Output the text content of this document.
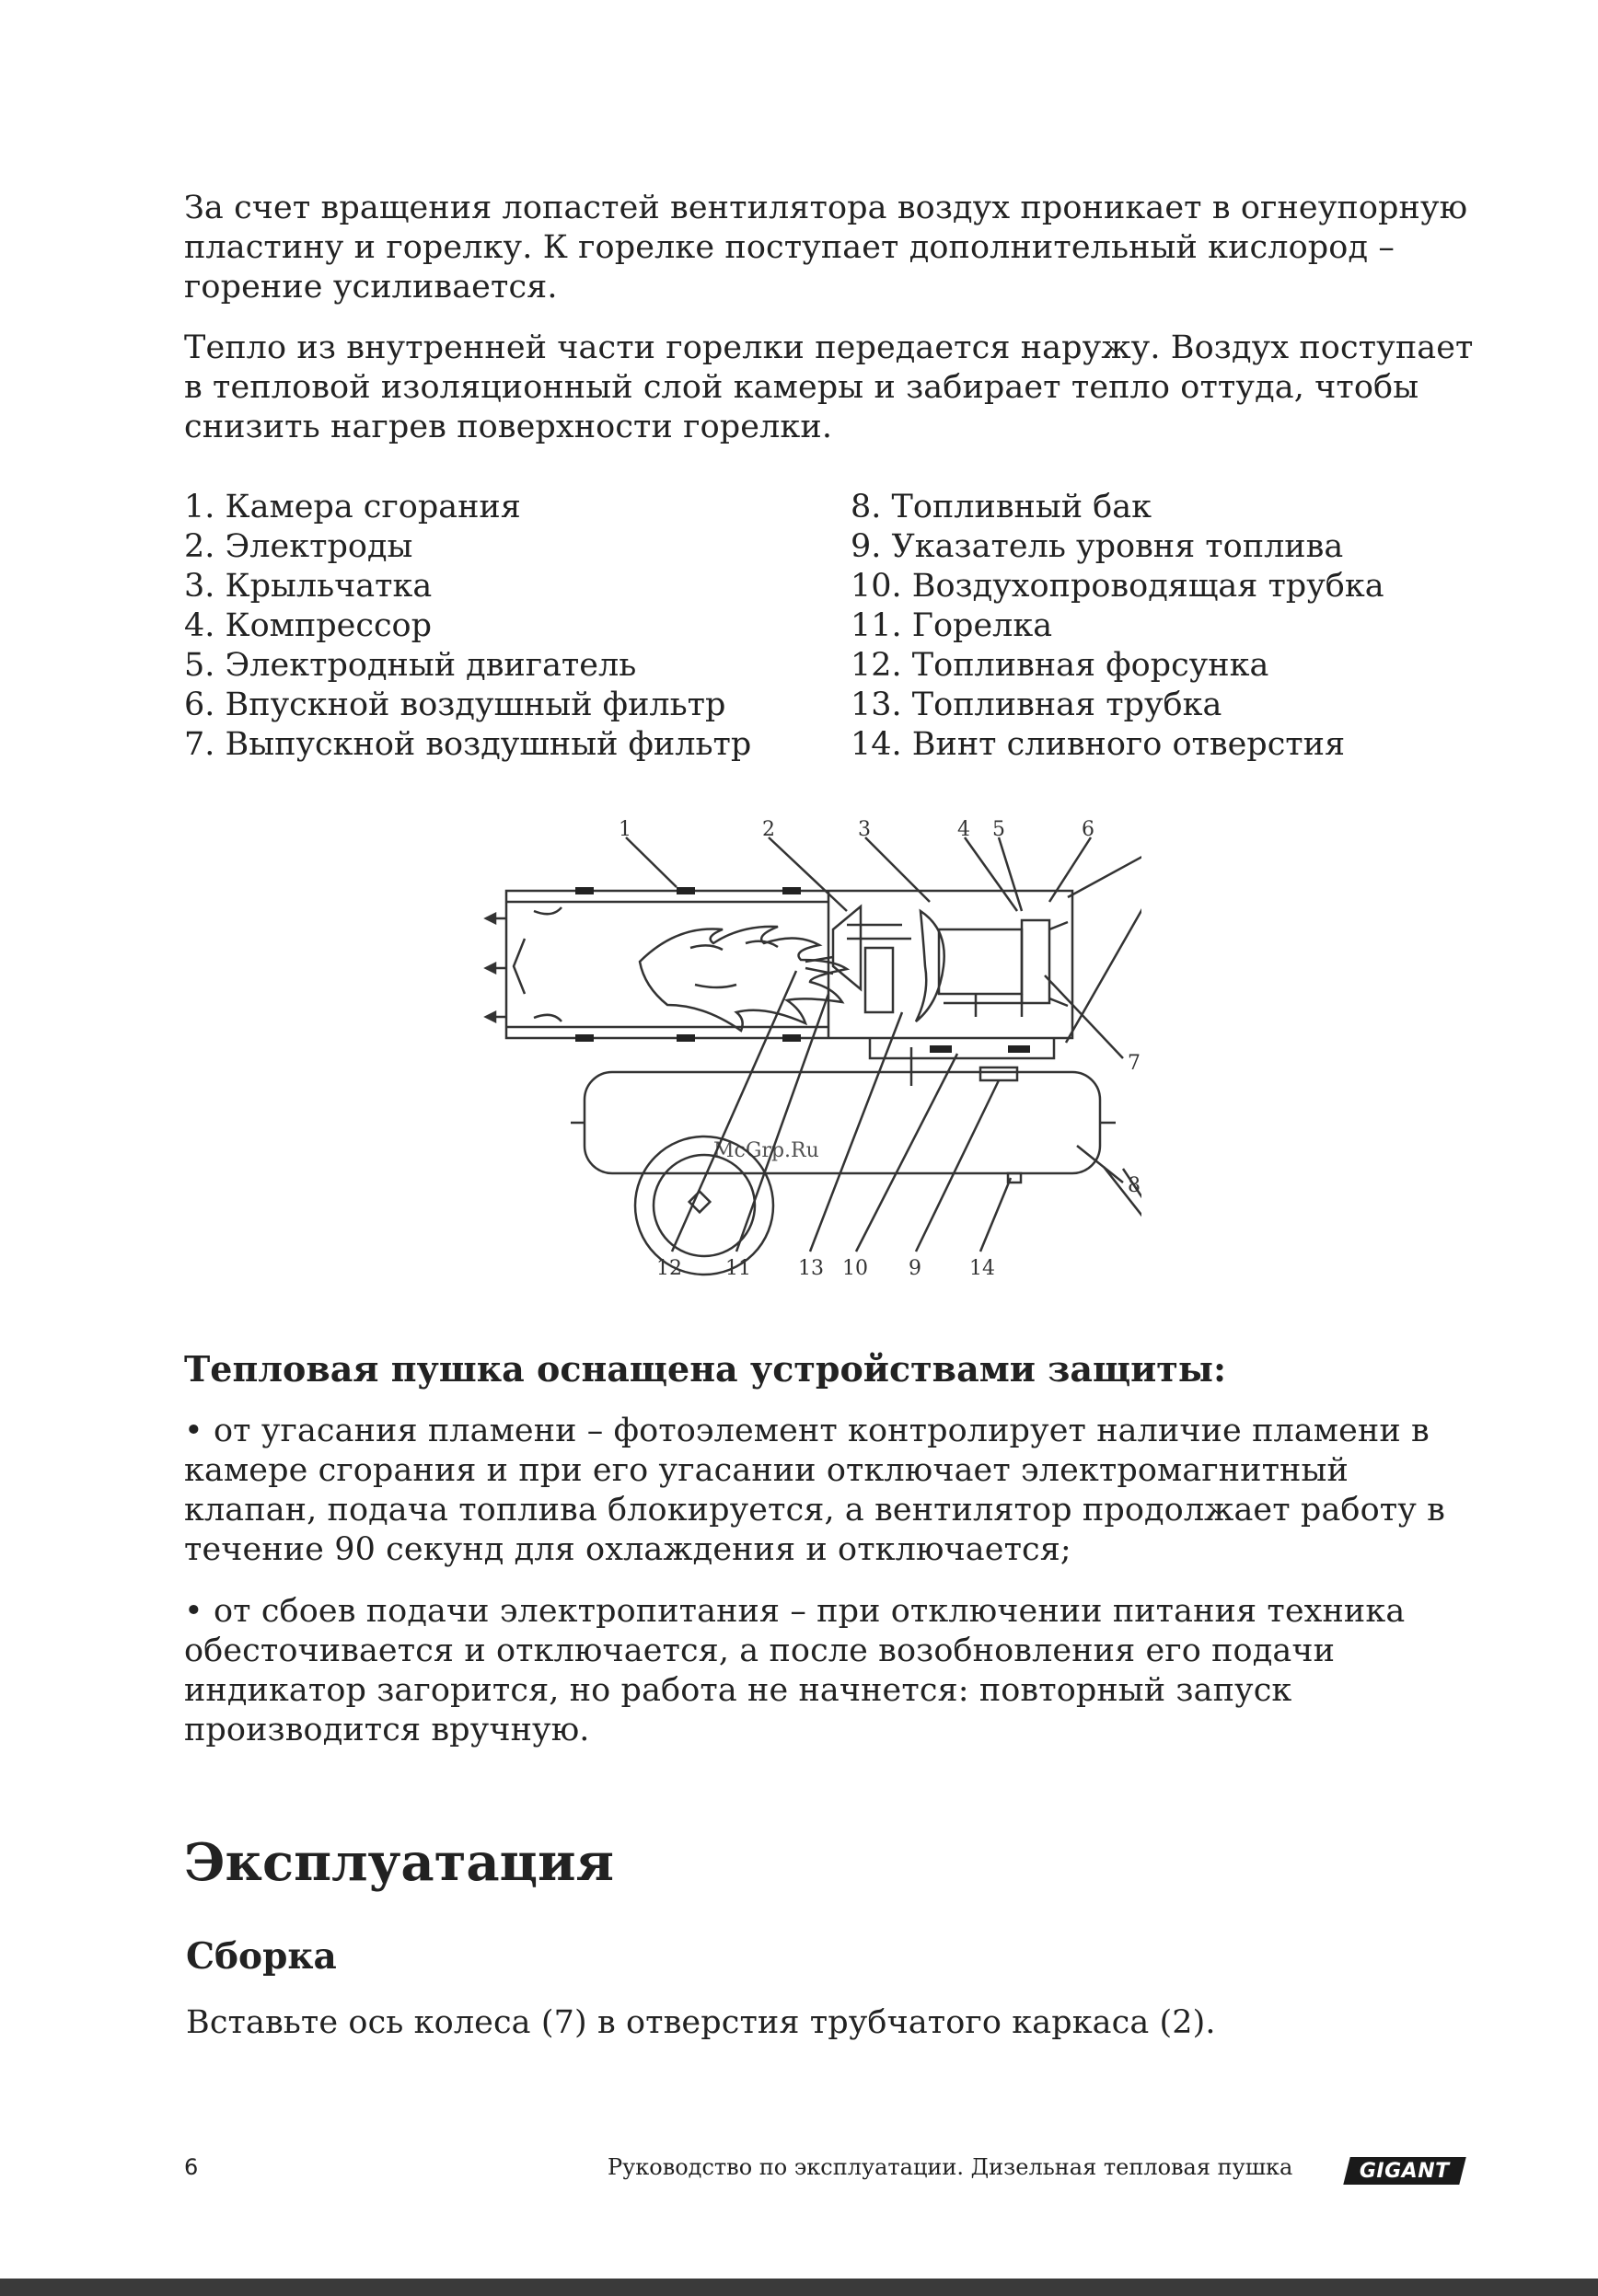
За счет вращения лопастей вентилятора воздух проникает в огнеупорную пластину и горелку. К горелке поступает дополнительный кислород – горение усиливается.

Тепло из внутренней части горелки передается наружу. Воздух поступает в тепловой изоляционный слой камеры и забирает тепло оттуда, чтобы снизить нагрев поверхности горелки.

1. Камера сгорания
2. Электроды
3. Крыльчатка
4. Компрессор
5. Электродный двигатель
6. Впускной воздушный фильтр
7. Выпускной воздушный фильтр
8. Топливный бак
9. Указатель уровня топлива
10. Воздухопроводящая трубка
11. Горелка
12. Топливная форсунка
13. Топливная трубка
14. Винт сливного отверстия
1	2	3	4 5	6
7
8
12 11 13 10 9 14
McGrp.Ru
Тепловая пушка оснащена устройствами защиты:

• от угасания пламени – фотоэлемент контролирует наличие пламени в камере сгорания и при его угасании отключает электромагнитный клапан, подача топлива блокируется, а вентилятор продолжает работу в течение 90 секунд для охлаждения и отключается;

• от сбоев подачи электропитания – при отключении питания техника обесточивается и отключается, а после возобновления его подачи индикатор загорится, но работа не начнется: повторный запуск производится вручную.

Эксплуатация
Сборка

Вставьте ось колеса (7) в отверстия трубчатого каркаса (2).

6	Руководство по эксплуатации. Дизельная тепловая пушка	GIGANT
